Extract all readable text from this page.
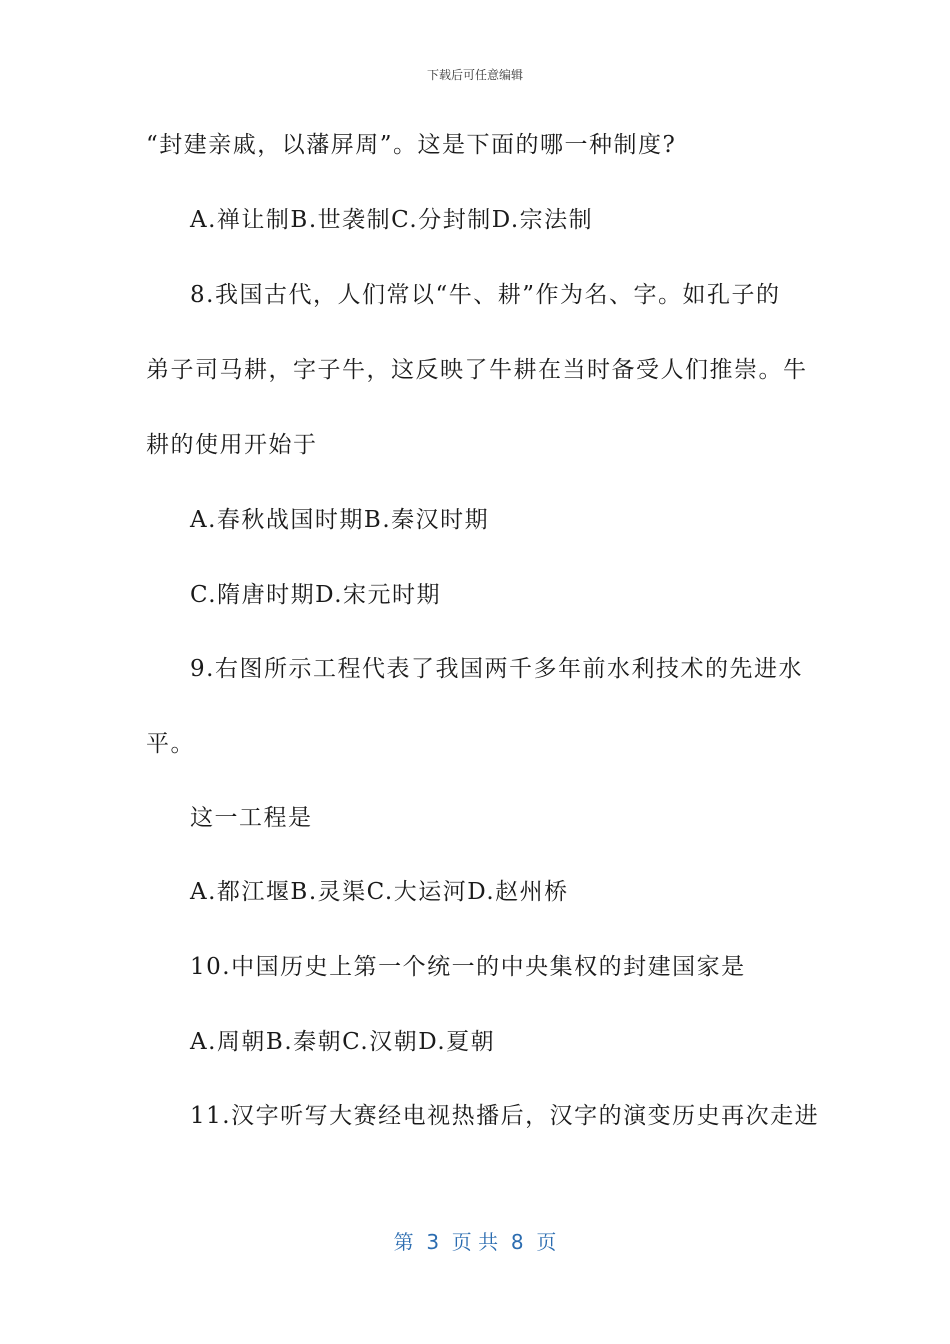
下载后可任意编辑
“封建亲戚，以藩屏周”。这是下面的哪一种制度?
A.禅让制B.世袭制C.分封制D.宗法制
8.我国古代，人们常以“牛、耕”作为名、字。如孔子的
弟子司马耕，字子牛，这反映了牛耕在当时备受人们推崇。牛
耕的使用开始于
A.春秋战国时期B.秦汉时期
C.隋唐时期D.宋元时期
9.右图所示工程代表了我国两千多年前水利技术的先进水
平。
这一工程是
A.都江堰B.灵渠C.大运河D.赵州桥
10.中国历史上第一个统一的中央集权的封建国家是
A.周朝B.秦朝C.汉朝D.夏朝
11.汉字听写大赛经电视热播后，汉字的演变历史再次走进
第  3  页 共  8  页
